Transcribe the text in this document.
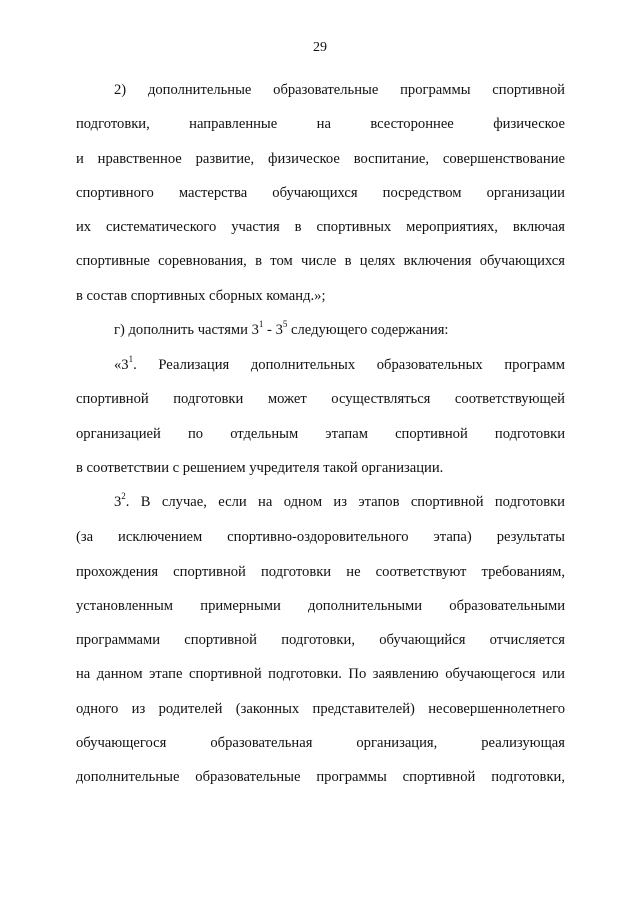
29
2) дополнительные образовательные программы спортивной
подготовки, направленные на всестороннее физическое
и нравственное развитие, физическое воспитание, совершенствование
спортивного мастерства обучающихся посредством организации
их систематического участия в спортивных мероприятиях, включая
спортивные соревнования, в том числе в целях включения обучающихся
в состав спортивных сборных команд.»;
г) дополнить частями $3^1 - 3^5$ следующего содержания:
«$3^1$. Реализация дополнительных образовательных программ
спортивной подготовки может осуществляться соответствующей
организацией по отдельным этапам спортивной подготовки
в соответствии с решением учредителя такой организации.
$3^2$. В случае, если на одном из этапов спортивной подготовки
(за исключением спортивно-оздоровительного этапа) результаты
прохождения спортивной подготовки не соответствуют требованиям,
установленным примерными дополнительными образовательными
программами спортивной подготовки, обучающийся отчисляется
на данном этапе спортивной подготовки. По заявлению обучающегося или
одного из родителей (законных представителей) несовершеннолетнего
обучающегося образовательная организация, реализующая
дополнительные образовательные программы спортивной подготовки,
